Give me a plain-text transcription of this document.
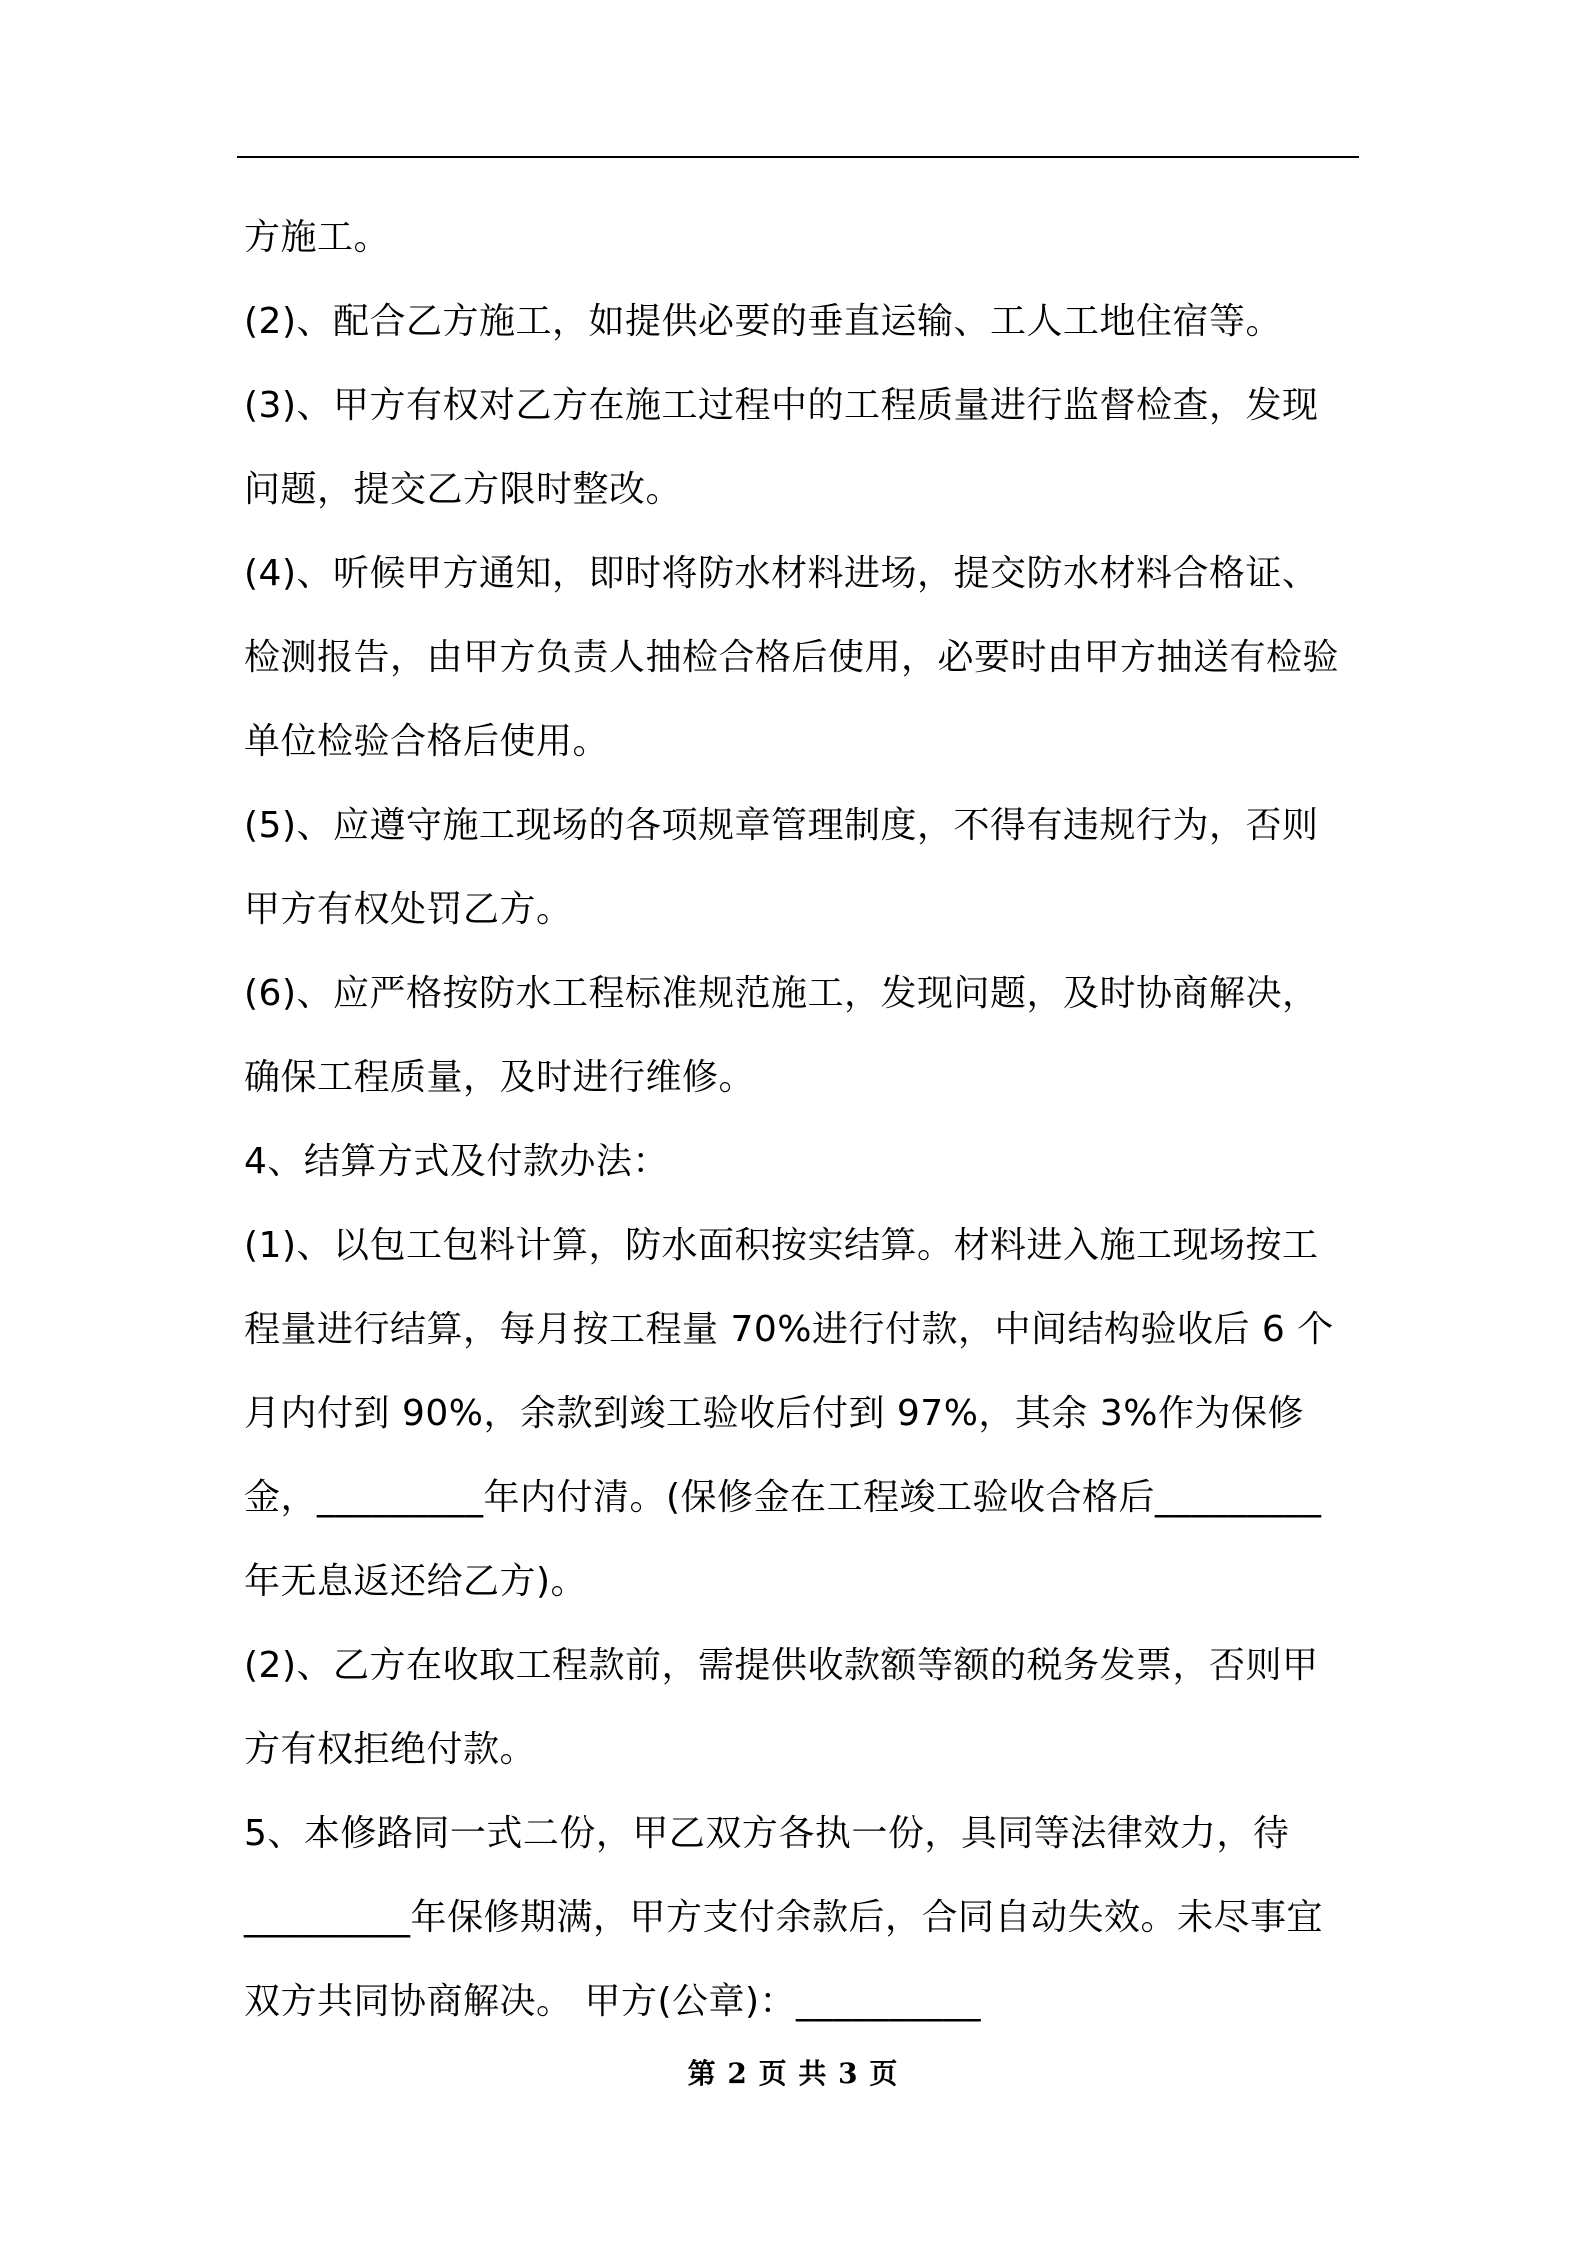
方施工。
(2)、配合乙方施工，如提供必要的垂直运输、工人工地住宿等。
(3)、甲方有权对乙方在施工过程中的工程质量进行监督检查，发现
问题，提交乙方限时整改。
(4)、听候甲方通知，即时将防水材料进场，提交防水材料合格证、
检测报告，由甲方负责人抽检合格后使用，必要时由甲方抽送有检验
单位检验合格后使用。
(5)、应遵守施工现场的各项规章管理制度，不得有违规行为，否则
甲方有权处罚乙方。
(6)、应严格按防水工程标准规范施工，发现问题，及时协商解决，
确保工程质量，及时进行维修。
4、结算方式及付款办法：
(1)、以包工包料计算，防水面积按实结算。材料进入施工现场按工
程量进行结算，每月按工程量 70%进行付款，中间结构验收后 6 个
月内付到 90%，余款到竣工验收后付到 97%，其余 3%作为保修
金，_________年内付清。(保修金在工程竣工验收合格后_________
年无息返还给乙方)。
(2)、乙方在收取工程款前，需提供收款额等额的税务发票，否则甲
方有权拒绝付款。
5、本修路同一式二份，甲乙双方各执一份，具同等法律效力，待
_________年保修期满，甲方支付余款后，合同自动失效。未尽事宜
双方共同协商解决。 甲方(公章)：__________
第 2 页 共 3 页
